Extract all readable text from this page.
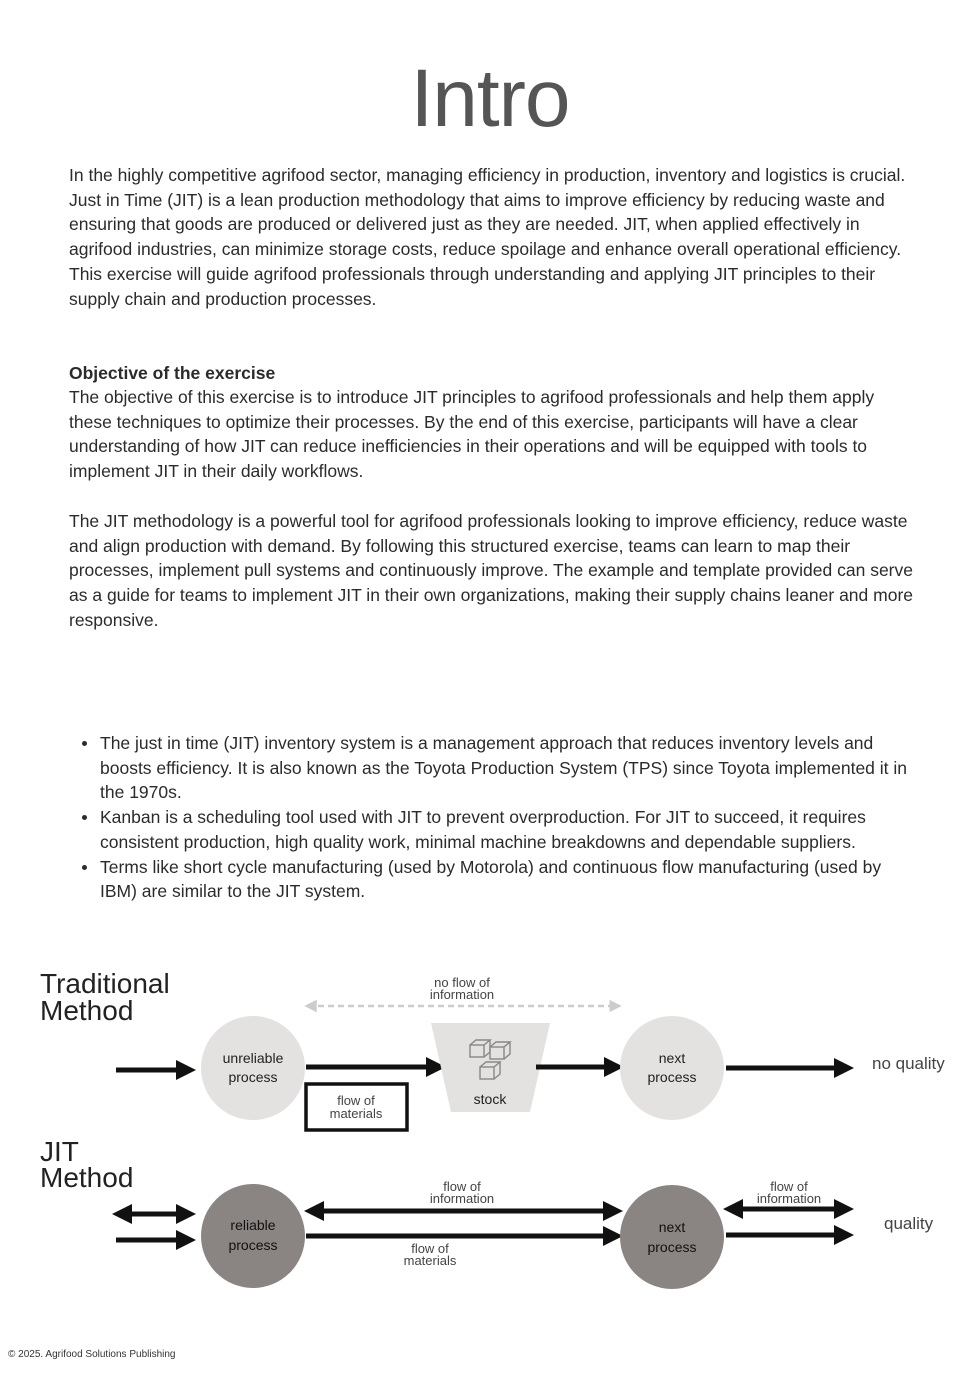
Intro

In the highly competitive agrifood sector, managing efficiency in production, inventory and logistics is crucial. Just in Time (JIT) is a lean production methodology that aims to improve efficiency by reducing waste and ensuring that goods are produced or delivered just as they are needed. JIT, when applied effectively in agrifood industries, can minimize storage costs, reduce spoilage and enhance overall operational efficiency. This exercise will guide agrifood professionals through understanding and applying JIT principles to their supply chain and production processes.

Objective of the exercise

The objective of this exercise is to introduce JIT principles to agrifood professionals and help them apply these techniques to optimize their processes. By the end of this exercise, participants will have a clear understanding of how JIT can reduce inefficiencies in their operations and will be equipped with tools to implement JIT in their daily workflows.

The JIT methodology is a powerful tool for agrifood professionals looking to improve efficiency, reduce waste and align production with demand. By following this structured exercise, teams can learn to map their processes, implement pull systems and continuously improve. The example and template provided can serve as a guide for teams to implement JIT in their own organizations, making their supply chains leaner and more responsive.

The just in time (JIT) inventory system is a management approach that reduces inventory levels and boosts efficiency. It is also known as the Toyota Production System (TPS) since Toyota implemented it in the 1970s.
Kanban is a scheduling tool used with JIT to prevent overproduction. For JIT to succeed, it requires consistent production, high quality work, minimal machine breakdowns and dependable suppliers.
Terms like short cycle manufacturing (used by Motorola) and continuous flow manufacturing (used by IBM) are similar to the JIT system.
Traditional
Method
no flow of
information
unreliable
process
flow of
materials
stock
next
process
no quality
JIT
Method
reliable
process
flow of
information
flow of
materials
next
process
flow of
information
quality

© 2025. Agrifood Solutions Publishing
